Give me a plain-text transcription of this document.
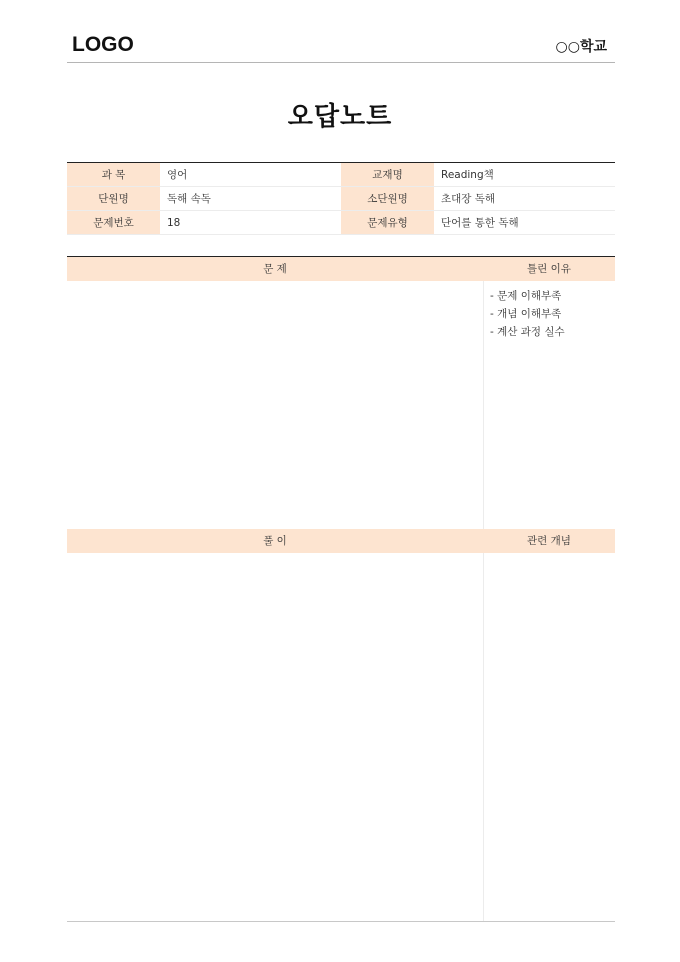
LOGO	○○학교
오답노트
과 목	영어	교재명	Reading책
단원명	독해 속독	소단원명	초대장 독해
문제번호	18	문제유형	단어를 통한 독해
문 제	틀린 이유
- 문제 이해부족
- 개념 이해부족
- 계산 과정 실수
풀 이	관련 개념
